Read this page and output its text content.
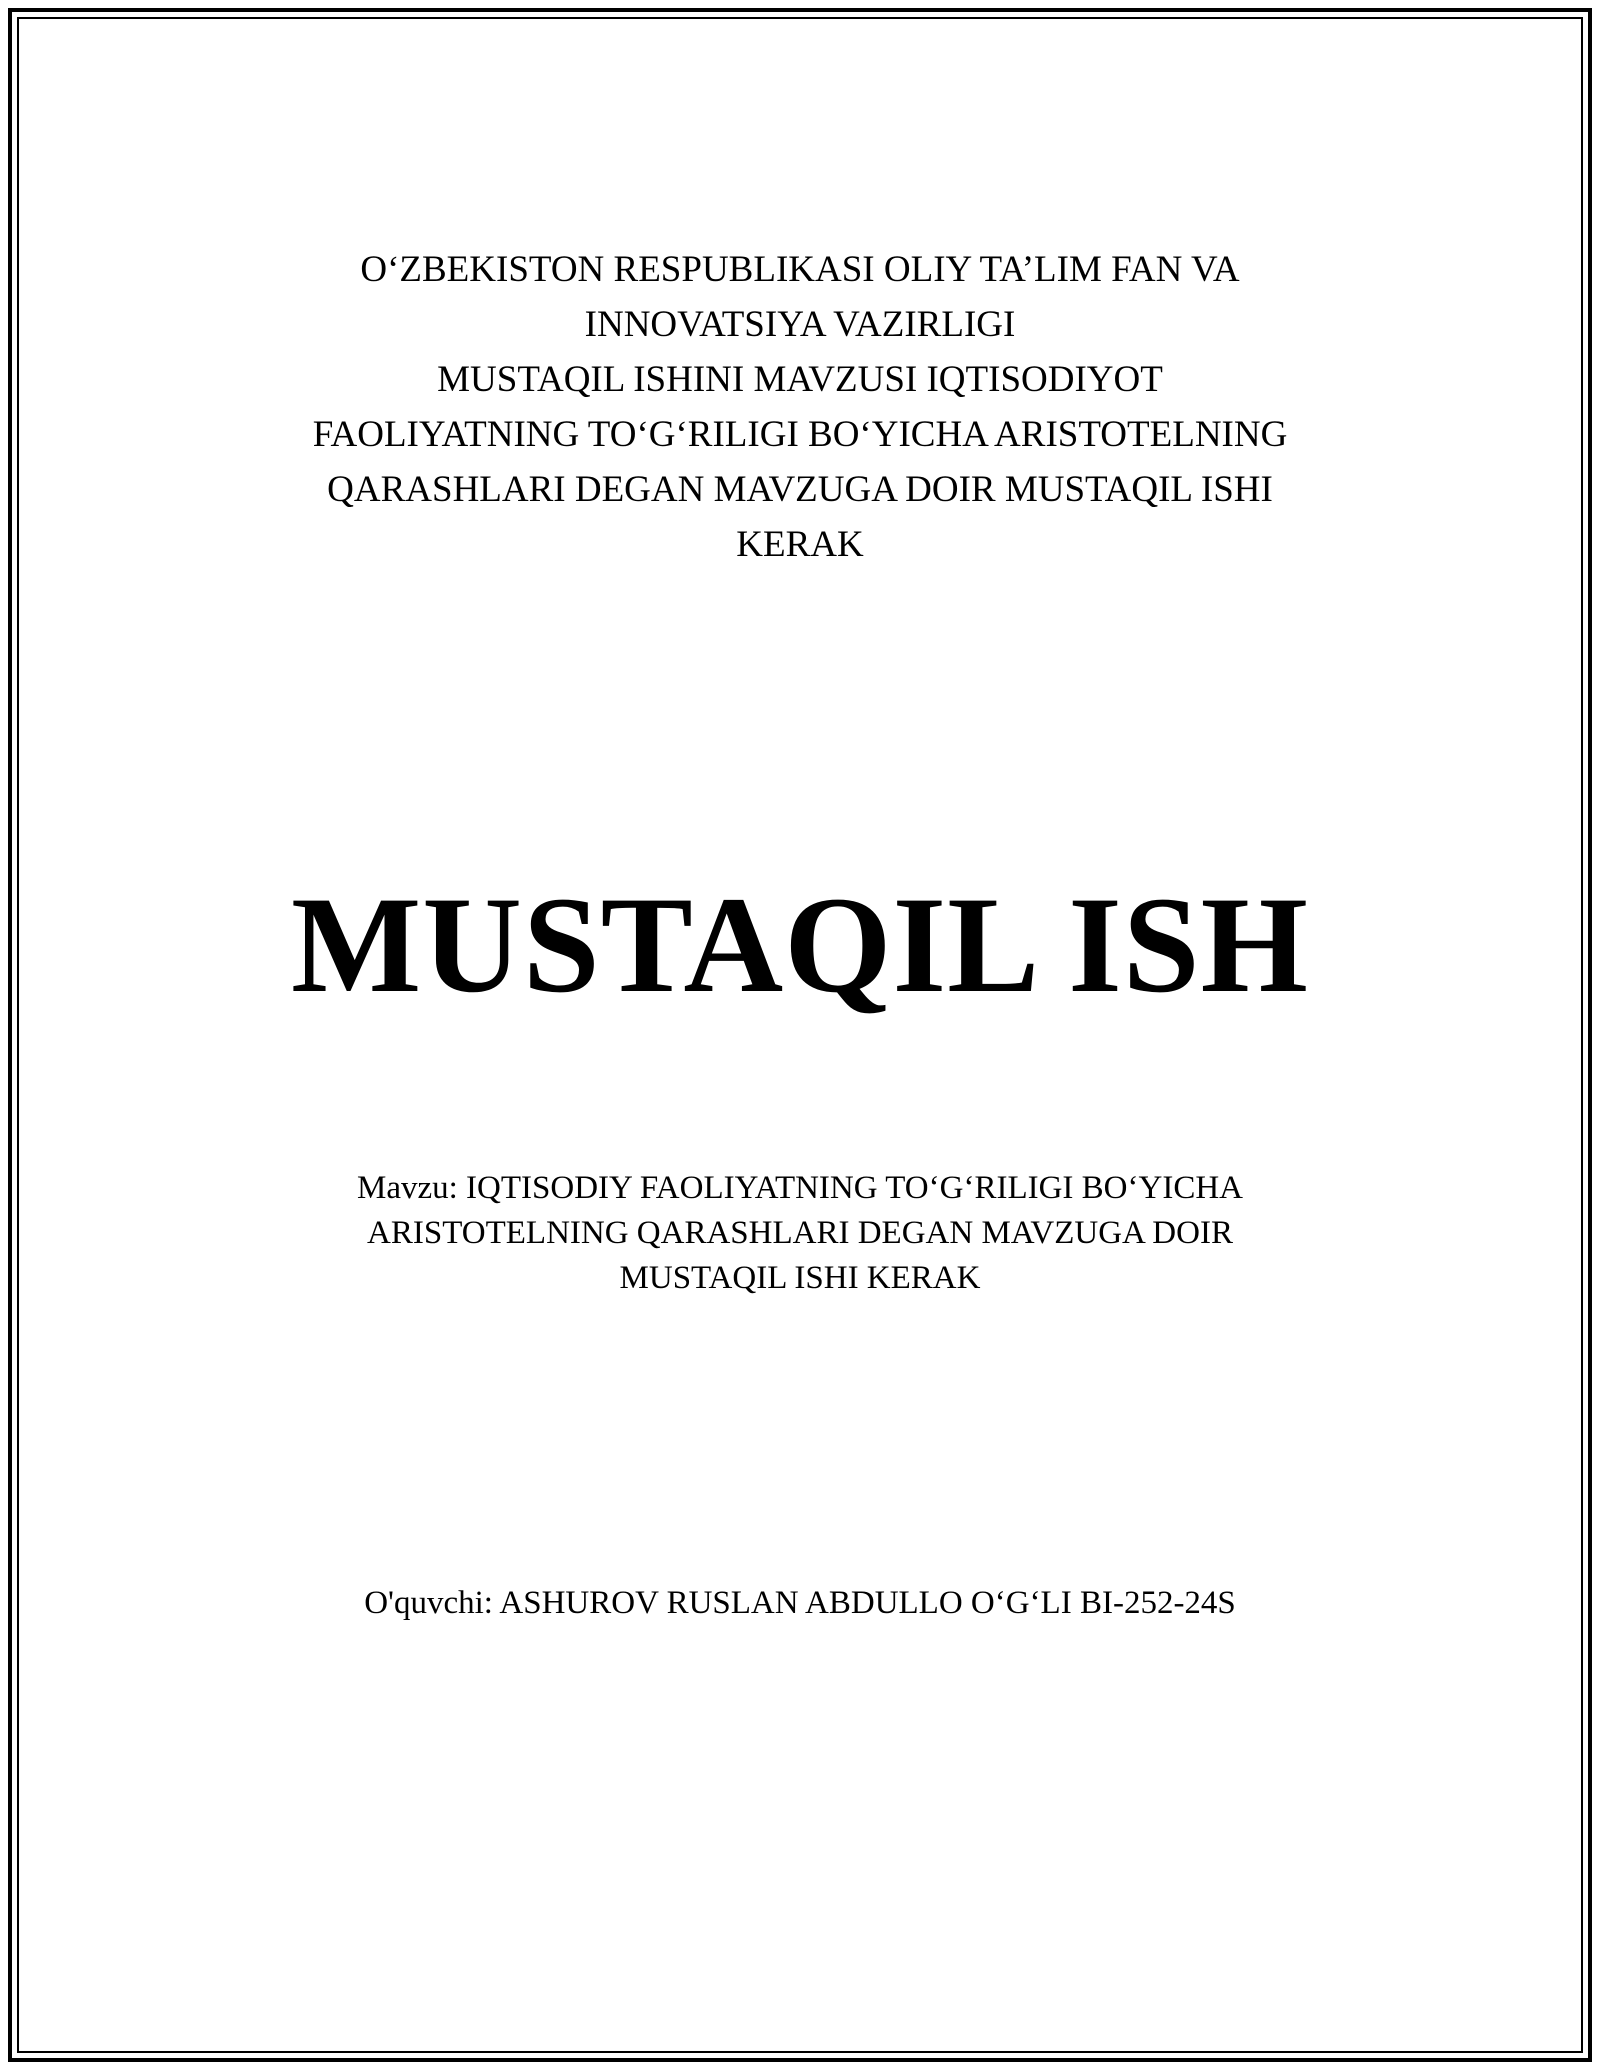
O‘ZBEKISTON RESPUBLIKASI OLIY TA’LIM FAN VA
INNOVATSIYA VAZIRLIGI
MUSTAQIL ISHINI MAVZUSI IQTISODIYOT
FAOLIYATNING TO‘G‘RILIGI BO‘YICHA ARISTOTELNING
QARASHLARI DEGAN MAVZUGA DOIR MUSTAQIL ISHI
KERAK
MUSTAQIL ISH
Mavzu: IQTISODIY FAOLIYATNING TO‘G‘RILIGI BO‘YICHA
ARISTOTELNING QARASHLARI DEGAN MAVZUGA DOIR
MUSTAQIL ISHI KERAK
O'quvchi: ASHUROV RUSLAN ABDULLO O‘G‘LI BI-252-24S
